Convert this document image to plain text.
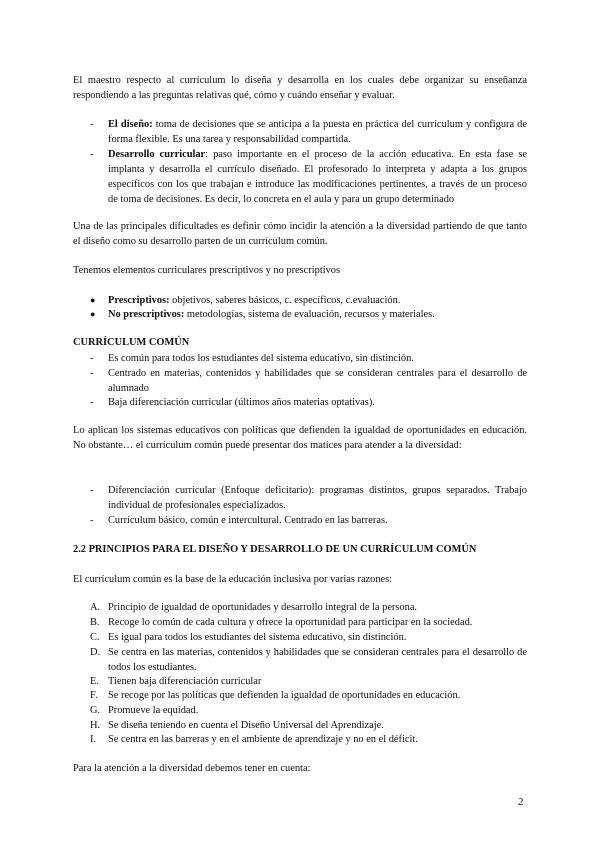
El maestro respecto al currículum lo diseña y desarrolla en los cuales debe organizar su enseñanza respondiendo a las preguntas relativas qué, cómo y cuándo enseñar y evaluar.

- El diseño: toma de decisiones que se anticipa a la puesta en práctica del currículum y configura de forma flexible. Es una tarea y responsabilidad compartida.
- Desarrollo curricular: paso importante en el proceso de la acción educativa. En esta fase se implanta y desarrolla el currículo diseñado. El profesorado lo interpreta y adapta a los grupos específicos con los que trabajan e introduce las modificaciones pertinentes, a través de un proceso de toma de decisiones. Es decir, lo concreta en el aula y para un grupo determinado

Una de las principales dificultades es definir cómo incidir la atención a la diversidad partiendo de que tanto el diseño como su desarrollo parten de un currículum común.

Tenemos elementos curriculares prescriptivos y no prescriptivos

● Prescriptivos: objetivos, saberes básicos, c. específicos, c.evaluación.
● No prescriptivos: metodologías, sistema de evaluación, recursos y materiales.

CURRÍCULUM COMÚN

- Es común para todos los estudiantes del sistema educativo, sin distinción.
- Centrado en materias, contenidos y habilidades que se consideran centrales para el desarrollo de alumnado
- Baja diferenciación curricular (últimos años materias optativas).

Lo aplican los sistemas educativos con políticas que defienden la igualdad de oportunidades en educación. No obstante… el currículum común puede presentar dos matices para atender a la diversidad:

- Diferenciación curricular (Enfoque deficitario): programas distintos, grupos separados. Trabajo individual de profesionales especializados.
- Currículum básico, común e intercultural. Centrado en las barreras.

2.2 PRINCIPIOS PARA EL DISEÑO Y DESARROLLO DE UN CURRÍCULUM COMÚN

El currículum común es la base de la educación inclusiva por varias razones:

A. Principio de igualdad de oportunidades y desarrollo integral de la persona.
B. Recoge lo común de cada cultura y ofrece la oportunidad para participar en la sociedad.
C. Es igual para todos los estudiantes del sistema educativo, sin distinción.
D. Se centra en las materias, contenidos y habilidades que se consideran centrales para el desarrollo de todos los estudiantes.
E. Tienen baja diferenciación curricular
F. Se recoge por las políticas que defienden la igualdad de oportunidades en educación.
G. Promueve la equidad.
H. Se diseña teniendo en cuenta el Diseño Universal del Aprendizaje.
I. Se centra en las barreras y en el ambiente de aprendizaje y no en el déficit.

Para la atención a la diversidad debemos tener en cuenta:

2
